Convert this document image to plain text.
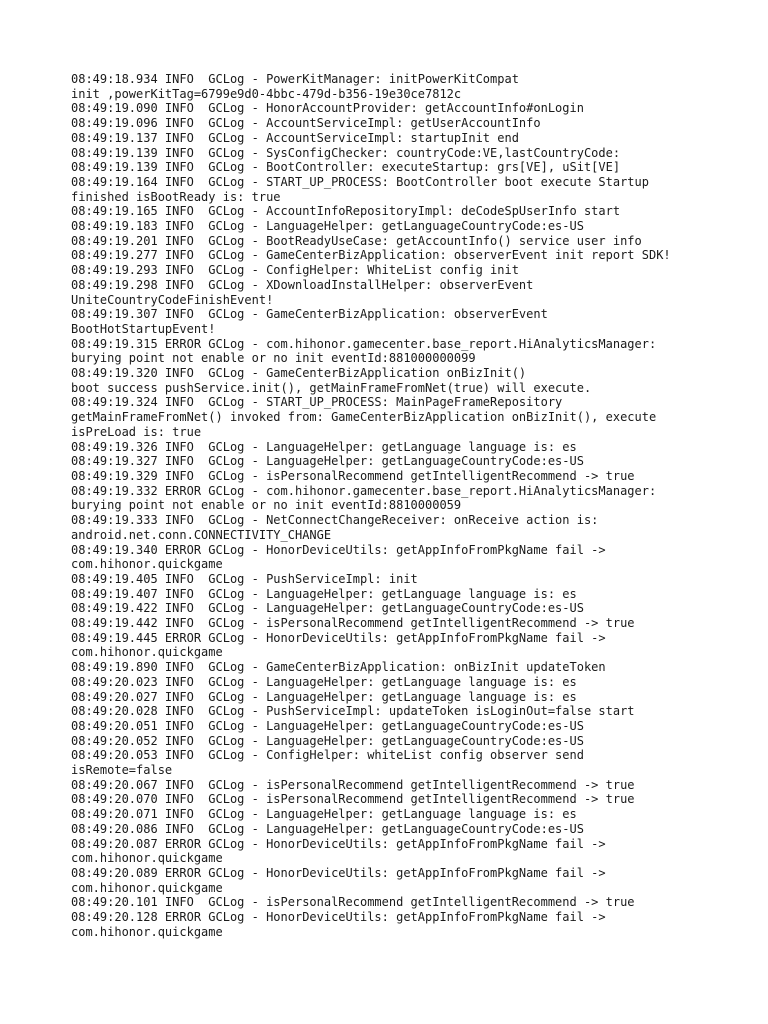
08:49:18.934 INFO  GCLog - PowerKitManager: initPowerKitCompat
init ,powerKitTag=6799e9d0-4bbc-479d-b356-19e30ce7812c
08:49:19.090 INFO  GCLog - HonorAccountProvider: getAccountInfo#onLogin
08:49:19.096 INFO  GCLog - AccountServiceImpl: getUserAccountInfo
08:49:19.137 INFO  GCLog - AccountServiceImpl: startupInit end
08:49:19.139 INFO  GCLog - SysConfigChecker: countryCode:VE,lastCountryCode:
08:49:19.139 INFO  GCLog - BootController: executeStartup: grs[VE], uSit[VE]
08:49:19.164 INFO  GCLog - START_UP_PROCESS: BootController boot execute Startup
finished isBootReady is: true
08:49:19.165 INFO  GCLog - AccountInfoRepositoryImpl: deCodeSpUserInfo start
08:49:19.183 INFO  GCLog - LanguageHelper: getLanguageCountryCode:es-US
08:49:19.201 INFO  GCLog - BootReadyUseCase: getAccountInfo() service user info
08:49:19.277 INFO  GCLog - GameCenterBizApplication: observerEvent init report SDK!
08:49:19.293 INFO  GCLog - ConfigHelper: WhiteList config init
08:49:19.298 INFO  GCLog - XDownloadInstallHelper: observerEvent
UniteCountryCodeFinishEvent!
08:49:19.307 INFO  GCLog - GameCenterBizApplication: observerEvent
BootHotStartupEvent!
08:49:19.315 ERROR GCLog - com.hihonor.gamecenter.base_report.HiAnalyticsManager:
burying point not enable or no init eventId:881000000099
08:49:19.320 INFO  GCLog - GameCenterBizApplication onBizInit()
boot success pushService.init(), getMainFrameFromNet(true) will execute.
08:49:19.324 INFO  GCLog - START_UP_PROCESS: MainPageFrameRepository
getMainFrameFromNet() invoked from: GameCenterBizApplication onBizInit(), execute
isPreLoad is: true
08:49:19.326 INFO  GCLog - LanguageHelper: getLanguage language is: es
08:49:19.327 INFO  GCLog - LanguageHelper: getLanguageCountryCode:es-US
08:49:19.329 INFO  GCLog - isPersonalRecommend getIntelligentRecommend -> true
08:49:19.332 ERROR GCLog - com.hihonor.gamecenter.base_report.HiAnalyticsManager:
burying point not enable or no init eventId:8810000059
08:49:19.333 INFO  GCLog - NetConnectChangeReceiver: onReceive action is:
android.net.conn.CONNECTIVITY_CHANGE
08:49:19.340 ERROR GCLog - HonorDeviceUtils: getAppInfoFromPkgName fail ->
com.hihonor.quickgame
08:49:19.405 INFO  GCLog - PushServiceImpl: init
08:49:19.407 INFO  GCLog - LanguageHelper: getLanguage language is: es
08:49:19.422 INFO  GCLog - LanguageHelper: getLanguageCountryCode:es-US
08:49:19.442 INFO  GCLog - isPersonalRecommend getIntelligentRecommend -> true
08:49:19.445 ERROR GCLog - HonorDeviceUtils: getAppInfoFromPkgName fail ->
com.hihonor.quickgame
08:49:19.890 INFO  GCLog - GameCenterBizApplication: onBizInit updateToken
08:49:20.023 INFO  GCLog - LanguageHelper: getLanguage language is: es
08:49:20.027 INFO  GCLog - LanguageHelper: getLanguage language is: es
08:49:20.028 INFO  GCLog - PushServiceImpl: updateToken isLoginOut=false start
08:49:20.051 INFO  GCLog - LanguageHelper: getLanguageCountryCode:es-US
08:49:20.052 INFO  GCLog - LanguageHelper: getLanguageCountryCode:es-US
08:49:20.053 INFO  GCLog - ConfigHelper: whiteList config observer send
isRemote=false
08:49:20.067 INFO  GCLog - isPersonalRecommend getIntelligentRecommend -> true
08:49:20.070 INFO  GCLog - isPersonalRecommend getIntelligentRecommend -> true
08:49:20.071 INFO  GCLog - LanguageHelper: getLanguage language is: es
08:49:20.086 INFO  GCLog - LanguageHelper: getLanguageCountryCode:es-US
08:49:20.087 ERROR GCLog - HonorDeviceUtils: getAppInfoFromPkgName fail ->
com.hihonor.quickgame
08:49:20.089 ERROR GCLog - HonorDeviceUtils: getAppInfoFromPkgName fail ->
com.hihonor.quickgame
08:49:20.101 INFO  GCLog - isPersonalRecommend getIntelligentRecommend -> true
08:49:20.128 ERROR GCLog - HonorDeviceUtils: getAppInfoFromPkgName fail ->
com.hihonor.quickgame
